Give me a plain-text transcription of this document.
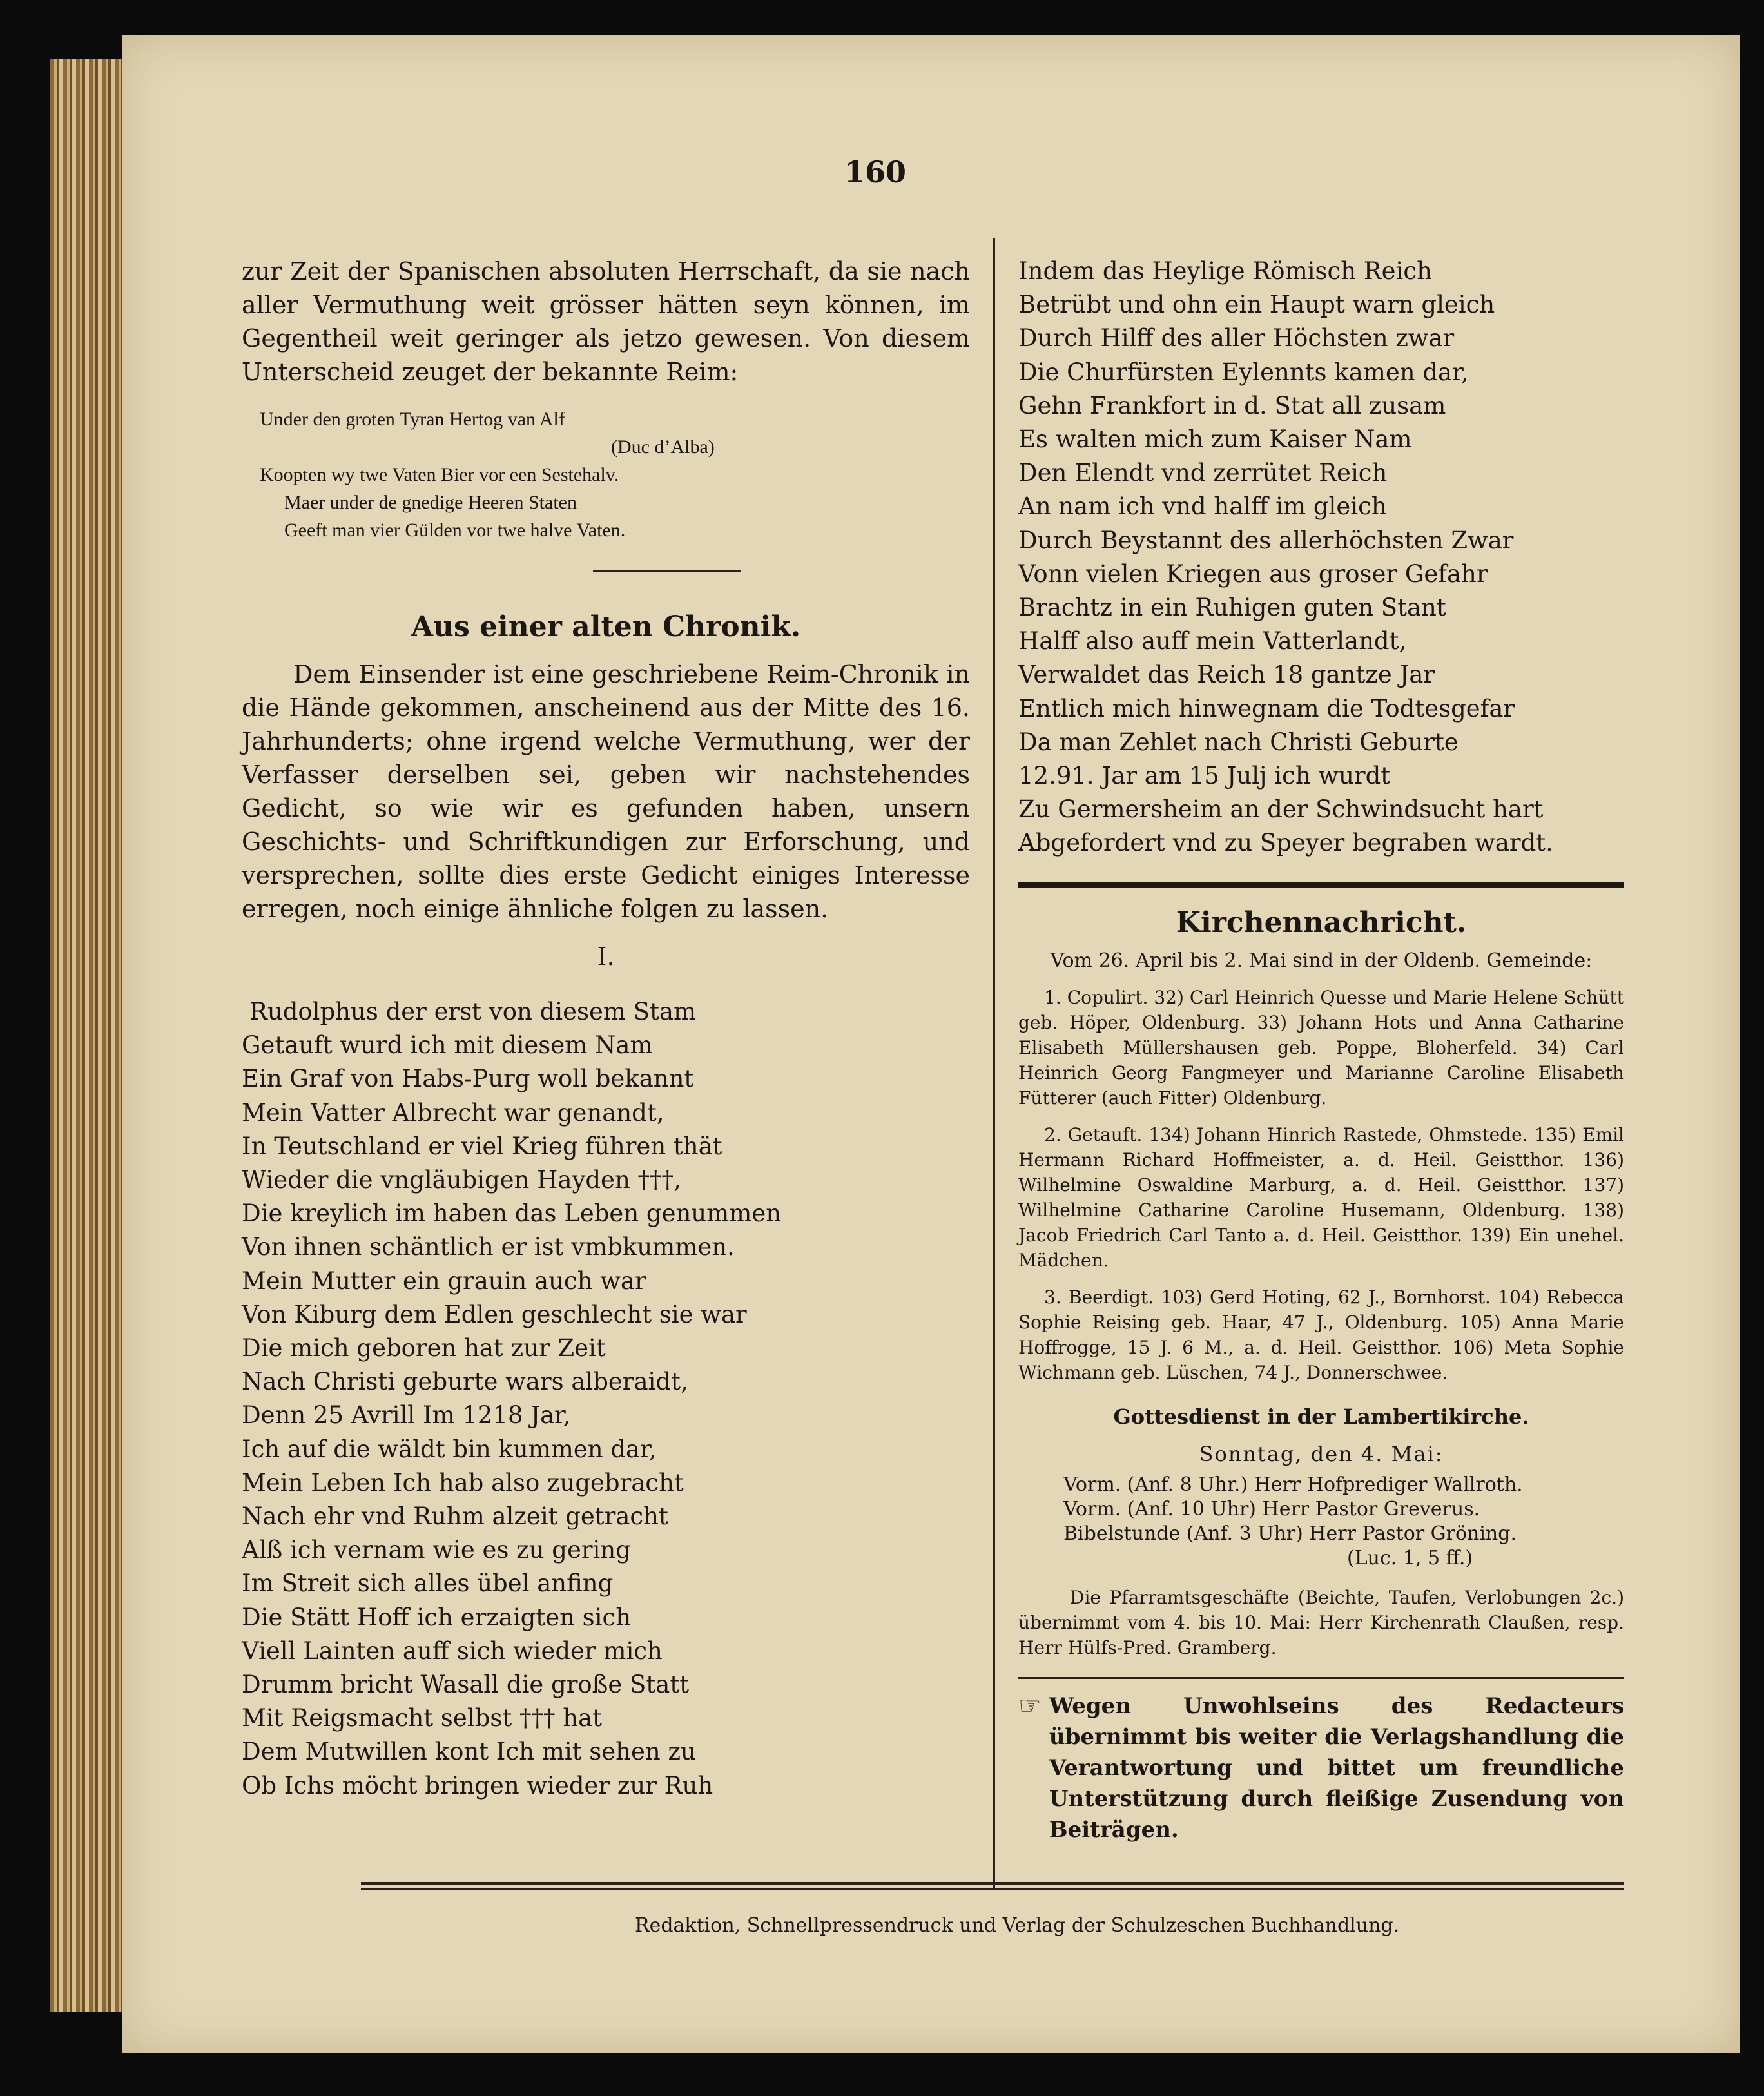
160

zur Zeit der Spanischen absoluten Herrschaft, da sie nach aller Vermuthung weit grösser hätten seyn können, im Gegentheil weit geringer als jetzo gewesen. Von diesem Unterscheid zeuget der bekannte Reim:

Under den groten Tyran Hertog van Alf

(Duc d’Alba)

Koopten wy twe Vaten Bier vor een Sestehalv.

Maer under de gnedige Heeren Staten

Geeft man vier Gülden vor twe halve Vaten.

Aus einer alten Chronik.

Dem Einsender ist eine geschriebene Reim-Chronik in die Hände gekommen, anscheinend aus der Mitte des 16. Jahrhunderts; ohne irgend welche Vermuthung, wer der Verfasser derselben sei, geben wir nachstehendes Gedicht, so wie wir es gefunden haben, unsern Geschichts- und Schriftkundigen zur Erforschung, und versprechen, sollte dies erste Gedicht einiges Interesse erregen, noch einige ähnliche folgen zu lassen.

I.

Rudolphus der erst von diesem Stam

Getauft wurd ich mit diesem Nam

Ein Graf von Habs-Purg woll bekannt

Mein Vatter Albrecht war genandt,

In Teutschland er viel Krieg führen thät

Wieder die vngläubigen Hayden †††,

Die kreylich im haben das Leben genummen

Von ihnen schäntlich er ist vmbkummen.

Mein Mutter ein grauin auch war

Von Kiburg dem Edlen geschlecht sie war

Die mich geboren hat zur Zeit

Nach Christi geburte wars alberaidt,

Denn 25 Avrill Im 1218 Jar,

Ich auf die wäldt bin kummen dar,

Mein Leben Ich hab also zugebracht

Nach ehr vnd Ruhm alzeit getracht

Alß ich vernam wie es zu gering

Im Streit sich alles übel anfing

Die Stätt Hoff ich erzaigten sich

Viell Lainten auff sich wieder mich

Drumm bricht Wasall die große Statt

Mit Reigsmacht selbst ††† hat

Dem Mutwillen kont Ich mit sehen zu

Ob Ichs möcht bringen wieder zur Ruh

Indem das Heylige Römisch Reich

Betrübt und ohn ein Haupt warn gleich

Durch Hilff des aller Höchsten zwar

Die Churfürsten Eylennts kamen dar,

Gehn Frankfort in d. Stat all zusam

Es walten mich zum Kaiser Nam

Den Elendt vnd zerrütet Reich

An nam ich vnd halff im gleich

Durch Beystannt des allerhöchsten Zwar

Vonn vielen Kriegen aus groser Gefahr

Brachtz in ein Ruhigen guten Stant

Halff also auff mein Vatterlandt,

Verwaldet das Reich 18 gantze Jar

Entlich mich hinwegnam die Todtesgefar

Da man Zehlet nach Christi Geburte

12.91. Jar am 15 Julj ich wurdt

Zu Germersheim an der Schwindsucht hart

Abgefordert vnd zu Speyer begraben wardt.

Kirchennachricht.

Vom 26. April bis 2. Mai sind in der Oldenb. Gemeinde:

1. Copulirt. 32) Carl Heinrich Quesse und Marie Helene Schütt geb. Höper, Oldenburg. 33) Johann Hots und Anna Catharine Elisabeth Müllershausen geb. Poppe, Bloherfeld. 34) Carl Heinrich Georg Fangmeyer und Marianne Caroline Elisabeth Fütterer (auch Fitter) Oldenburg.

2. Getauft. 134) Johann Hinrich Rastede, Ohmstede. 135) Emil Hermann Richard Hoffmeister, a. d. Heil. Geistthor. 136) Wilhelmine Oswaldine Marburg, a. d. Heil. Geistthor. 137) Wilhelmine Catharine Caroline Husemann, Oldenburg. 138) Jacob Friedrich Carl Tanto a. d. Heil. Geistthor. 139) Ein unehel. Mädchen.

3. Beerdigt. 103) Gerd Hoting, 62 J., Bornhorst. 104) Rebecca Sophie Reising geb. Haar, 47 J., Oldenburg. 105) Anna Marie Hoffrogge, 15 J. 6 M., a. d. Heil. Geistthor. 106) Meta Sophie Wichmann geb. Lüschen, 74 J., Donnerschwee.

Gottesdienst in der Lambertikirche.
Sonntag, den 4. Mai:

Vorm. (Anf. 8 Uhr.) Herr Hofprediger Wallroth.

Vorm. (Anf. 10 Uhr) Herr Pastor Greverus.

Bibelstunde (Anf. 3 Uhr) Herr Pastor Gröning.

(Luc. 1, 5 ff.)

Die Pfarramtsgeschäfte (Beichte, Taufen, Verlobungen 2c.) übernimmt vom 4. bis 10. Mai: Herr Kirchenrath Claußen, resp. Herr Hülfs-Pred. Gramberg.

☞ Wegen Unwohlseins des Redacteurs übernimmt bis weiter die Verlagshandlung die Verantwortung und bittet um freundliche Unterstützung durch fleißige Zusendung von Beiträgen.

Redaktion, Schnellpressendruck und Verlag der Schulzeschen Buchhandlung.
